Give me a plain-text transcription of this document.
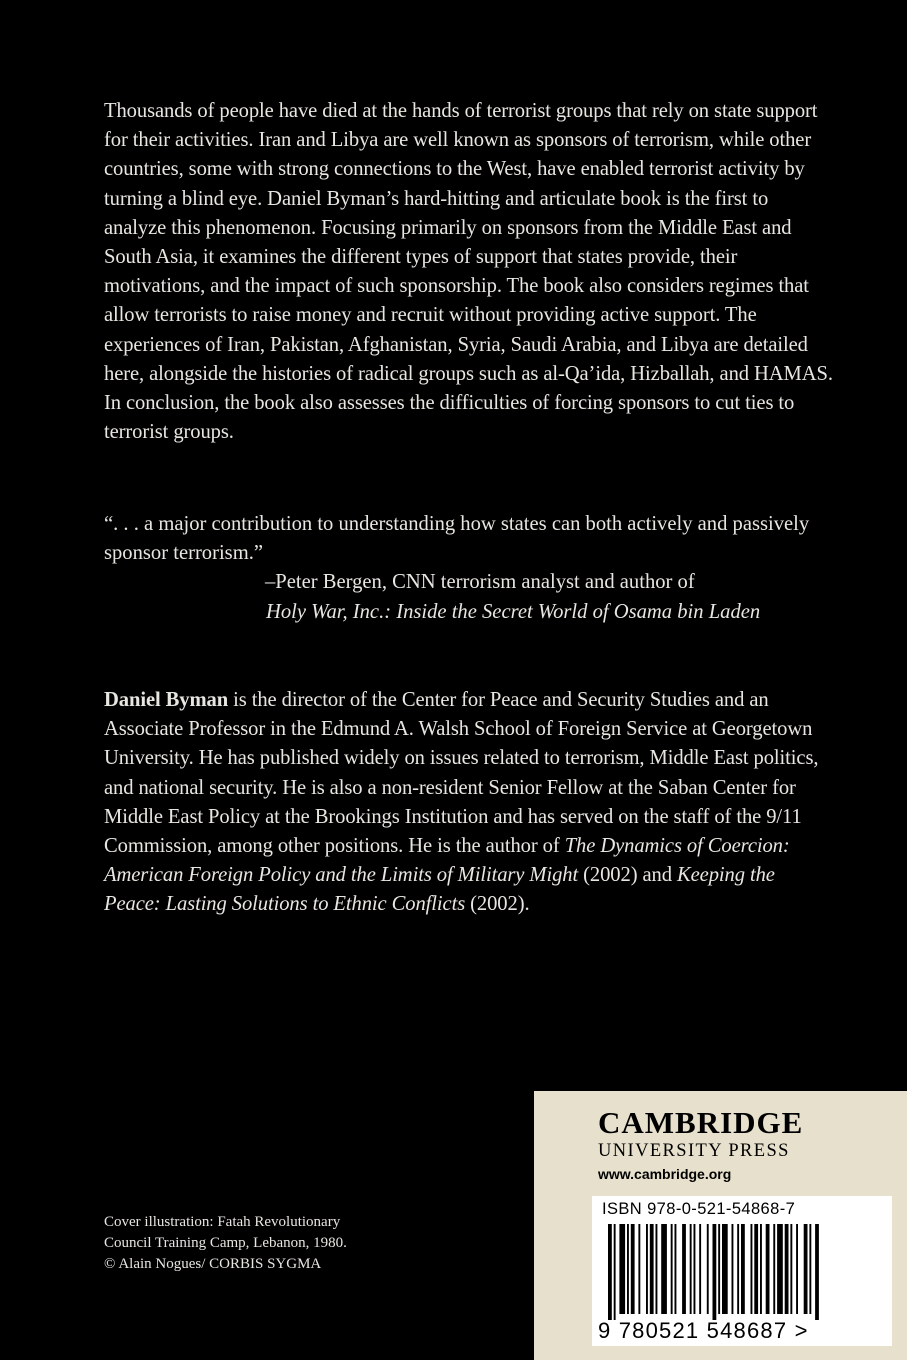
Thousands of people have died at the hands of terrorist groups that rely on state support for their activities. Iran and Libya are well known as sponsors of terrorism, while other countries, some with strong connections to the West, have enabled terrorist activity by turning a blind eye. Daniel Byman’s hard-hitting and articulate book is the first to analyze this phenomenon. Focusing primarily on sponsors from the Middle East and South Asia, it examines the different types of support that states provide, their motivations, and the impact of such sponsorship. The book also considers regimes that allow terrorists to raise money and recruit without providing active support. The experiences of Iran, Pakistan, Afghanistan, Syria, Saudi Arabia, and Libya are detailed here, alongside the histories of radical groups such as al-Qa’ida, Hizballah, and HAMAS. In conclusion, the book also assesses the difficulties of forcing sponsors to cut ties to terrorist groups.

“. . . a major contribution to understanding how states can both actively and passively sponsor terrorism.”

–Peter Bergen, CNN terrorism analyst and author of

Holy War, Inc.: Inside the Secret World of Osama bin Laden

Daniel Byman is the director of the Center for Peace and Security Studies and an Associate Professor in the Edmund A. Walsh School of Foreign Service at Georgetown University. He has published widely on issues related to terrorism, Middle East politics, and national security. He is also a non-resident Senior Fellow at the Saban Center for Middle East Policy at the Brookings Institution and has served on the staff of the 9/11 Commission, among other positions. He is the author of The Dynamics of Coercion: American Foreign Policy and the Limits of Military Might (2002) and Keeping the Peace: Lasting Solutions to Ethnic Conflicts (2002).

Cover illustration: Fatah Revolutionary
Council Training Camp, Lebanon, 1980.
© Alain Nogues/ CORBIS SYGMA

CAMBRIDGE
UNIVERSITY PRESS
www.cambridge.org
ISBN 978-0-521-54868-7
9 780521 548687 >
